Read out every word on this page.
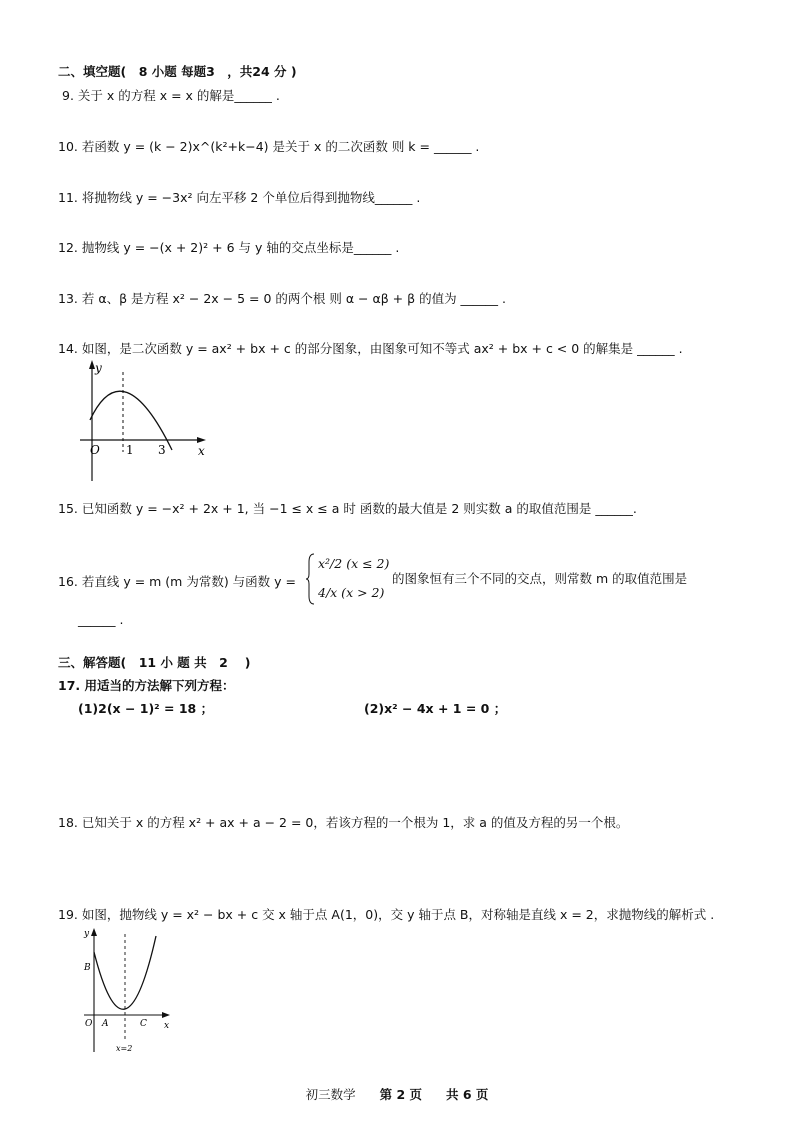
二、填空题(　8 小题 每题3　，共24 分 )
9. 关于 x 的方程 x = x 的解是______ .
10. 若函数 y = (k − 2)x^(k²+k−4) 是关于 x 的二次函数 则 k = ______ .
11. 将抛物线 y = −3x² 向左平移 2 个单位后得到抛物线______ .
12. 抛物线 y = −(x + 2)² + 6 与 y 轴的交点坐标是______ .
13. 若 α、β 是方程 x² − 2x − 5 = 0 的两个根 则 α − αβ + β 的值为 ______ .
14. 如图，是二次函数 y = ax² + bx + c 的部分图象，由图象可知不等式 ax² + bx + c < 0 的解集是 ______ .
y
x
O 1 3
15. 已知函数 y = −x² + 2x + 1, 当 −1 ≤ x ≤ a 时 函数的最大值是 2 则实数 a 的取值范围是 ______.
16. 若直线 y = m (m 为常数) 与函数 y =
x²/2 (x ≤ 2)
4/x (x > 2)
的图象恒有三个不同的交点，则常数 m 的取值范围是
______ .
三、解答题(　11 小 题 共　2　 )
17. 用适当的方法解下列方程：
(1)2(x − 1)² = 18 ；	(2)x² − 4x + 1 = 0 ；
18. 已知关于 x 的方程 x² + ax + a − 2 = 0，若该方程的一个根为 1，求 a 的值及方程的另一个根。
19. 如图，抛物线 y = x² − bx + c 交 x 轴于点 A(1，0)，交 y 轴于点 B，对称轴是直线 x = 2，求抛物线的解析式 .
y
x
B
O A	C
x=2
初三数学 第 2 页 共 6 页
